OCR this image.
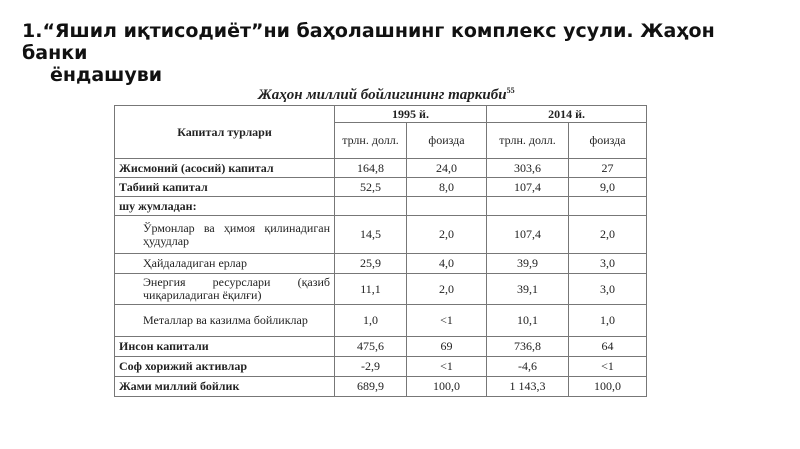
1.“Яшил иқтисодиёт”ни баҳолашнинг комплекс усули. Жаҳон банки
ёндашуви
Жаҳон миллий бойлигининг таркиби$^{55}$
Капитал турлари	1995 й.		2014 й.	
	трлн. долл.	фоизда	трлн. долл.	фоизда
Жисмоний (асосий) капитал	164,8	24,0	303,6	27
Табиий капитал	52,5	8,0	107,4	9,0
шу жумладан:				
Ўрмонлар ва ҳимоя қилинадиган ҳудудлар	14,5	2,0	107,4	2,0
Ҳайдаладиган ерлар	25,9	4,0	39,9	3,0
Энергия ресурслари (қазиб чиқариладиган ёқилғи)	11,1	2,0	39,1	3,0
Металлар ва казилма бойликлар	1,0	<1	10,1	1,0
Инсон капитали	475,6	69	736,8	64
Соф хорижий активлар	-2,9	<1	-4,6	<1
Жами миллий бойлик	689,9	100,0	1 143,3	100,0
